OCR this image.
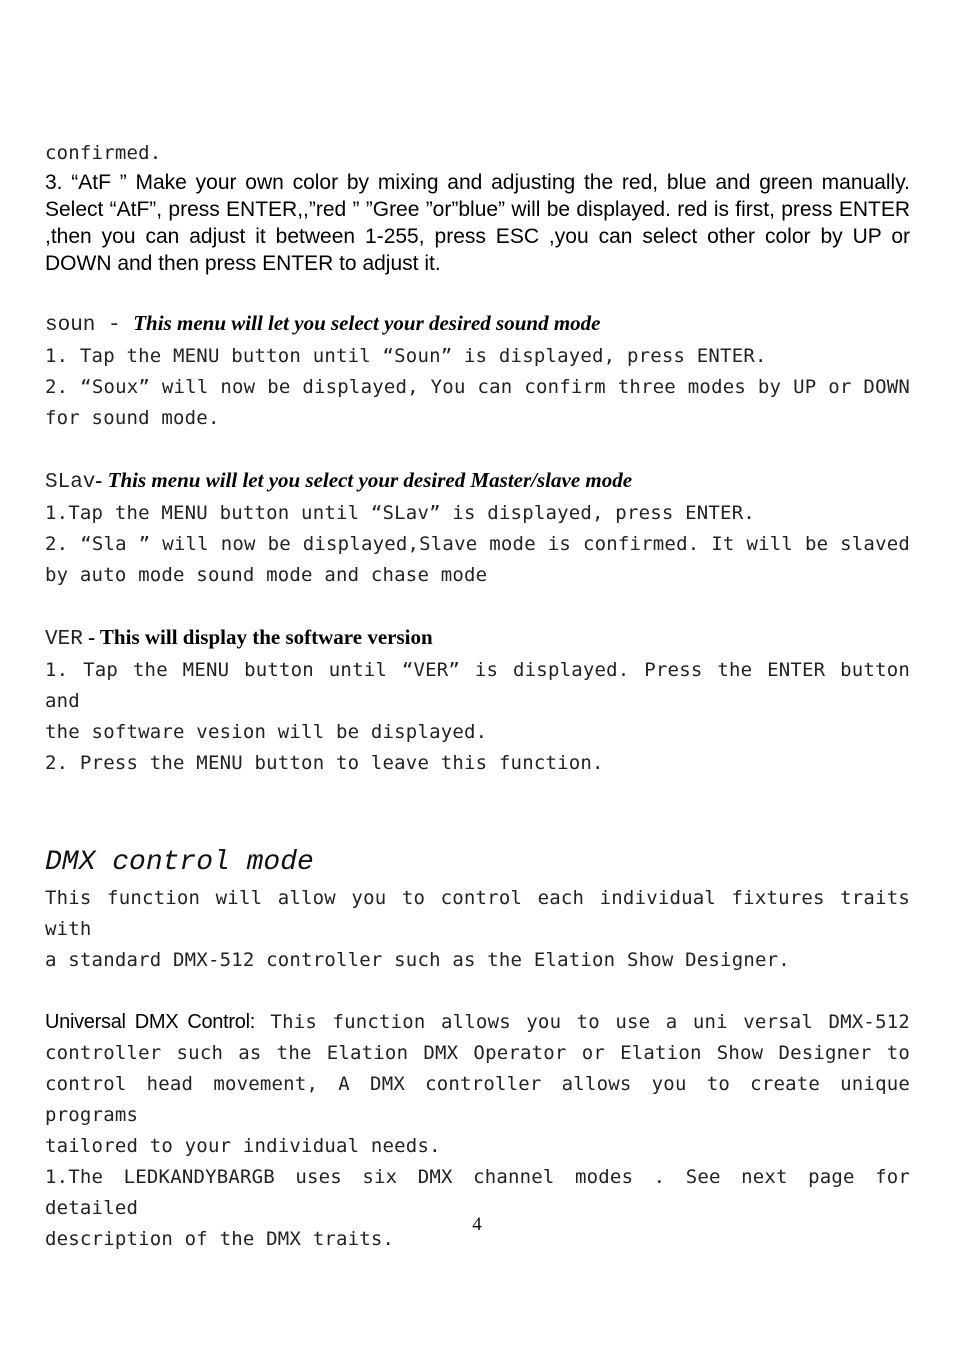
confirmed.

3. “AtF ” Make your own color by mixing and adjusting the red, blue and green manually. Select “AtF”, press ENTER,,”red ” ”Gree ”or”blue” will be displayed. red is first, press ENTER ,then you can adjust it between 1-255, press ESC ,you can select other color by UP or DOWN and then press ENTER to adjust it.

soun - This menu will let you select your desired sound mode

1. Tap the MENU button until “Soun” is displayed, press ENTER.

2. “Soux” will now be displayed, You can confirm three modes by UP or DOWN

for sound mode.

SLav- This menu will let you select your desired Master/slave mode

1.Tap the MENU button until “SLav” is displayed, press ENTER.

2. “Sla ” will now be displayed,Slave mode is confirmed. It will be slaved

by auto mode sound mode and chase mode

VER - This will display the software version

1. Tap the MENU button until “VER” is displayed. Press the ENTER button and

the software vesion will be displayed.

2. Press the MENU button to leave this function.

DMX control mode

This function will allow you to control each individual fixtures traits with

a standard DMX-512 controller such as the Elation Show Designer.

Universal DMX Control: This function allows you to use a uni versal DMX-512

controller such as the Elation DMX Operator or Elation Show Designer to

control head movement, A DMX controller allows you to create unique programs

tailored to your individual needs.

1.The LEDKANDYBARGB uses six DMX channel modes . See next page for detailed

description of the DMX traits.

4
